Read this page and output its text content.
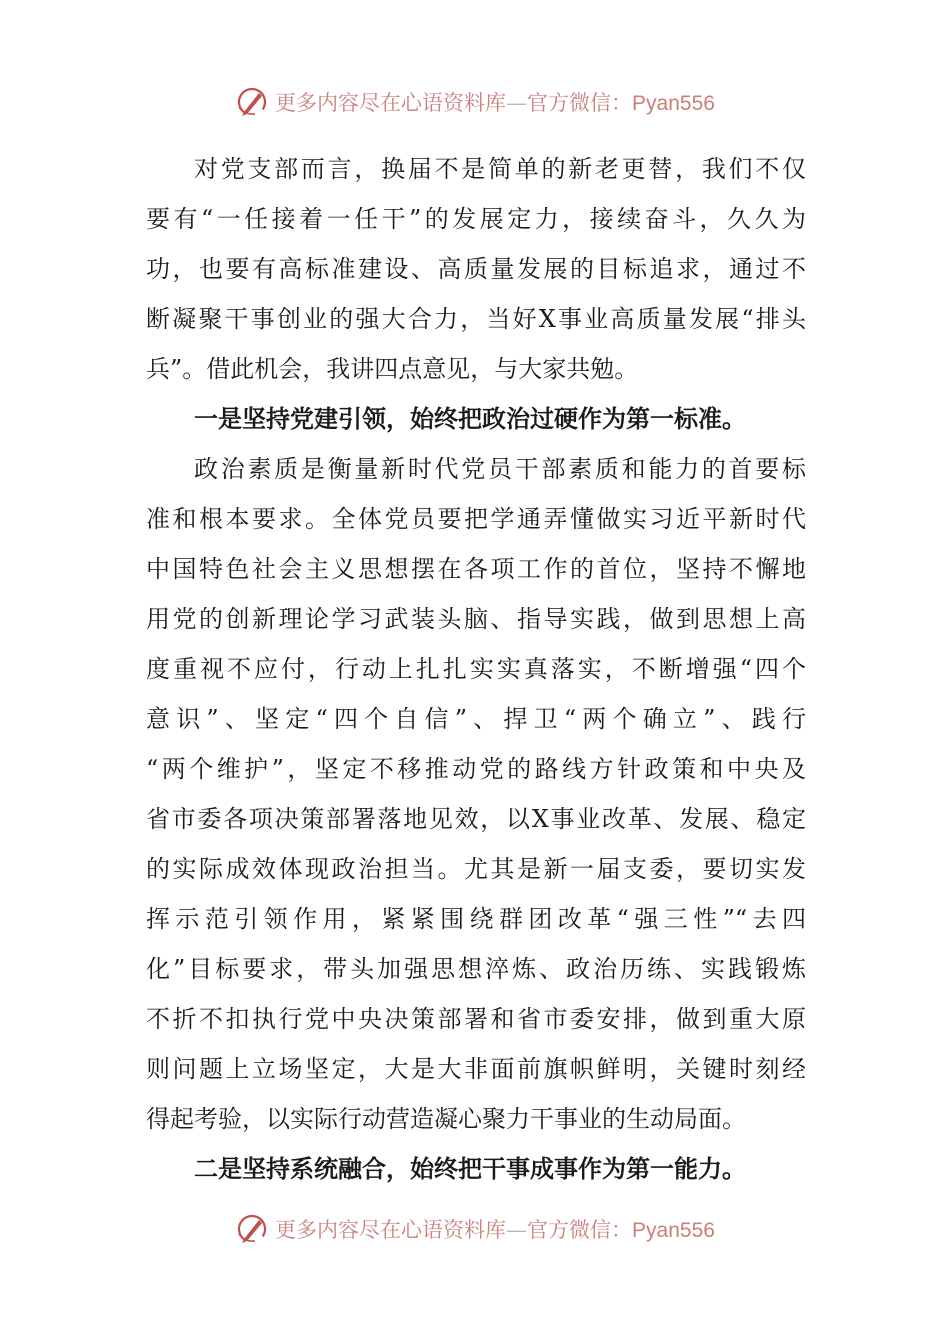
更多内容尽在心语资料库—官方微信：Pyan556
对党支部而言，换届不是简单的新老更替，我们不仅
要有“一任接着一任干”的发展定力，接续奋斗，久久为
功，也要有高标准建设、高质量发展的目标追求，通过不
断凝聚干事创业的强大合力，当好X事业高质量发展“排头
兵”。借此机会，我讲四点意见，与大家共勉。
一是坚持党建引领，始终把政治过硬作为第一标准。
政治素质是衡量新时代党员干部素质和能力的首要标
准和根本要求。全体党员要把学通弄懂做实习近平新时代
中国特色社会主义思想摆在各项工作的首位，坚持不懈地
用党的创新理论学习武装头脑、指导实践，做到思想上高
度重视不应付，行动上扎扎实实真落实，不断增强“四个
意识”、坚定“四个自信”、捍卫“两个确立”、践行
“两个维护”，坚定不移推动党的路线方针政策和中央及
省市委各项决策部署落地见效，以X事业改革、发展、稳定
的实际成效体现政治担当。尤其是新一届支委，要切实发
挥示范引领作用，紧紧围绕群团改革“强三性”“去四
化”目标要求，带头加强思想淬炼、政治历练、实践锻炼
不折不扣执行党中央决策部署和省市委安排，做到重大原
则问题上立场坚定，大是大非面前旗帜鲜明，关键时刻经
得起考验，以实际行动营造凝心聚力干事业的生动局面。
二是坚持系统融合，始终把干事成事作为第一能力。
更多内容尽在心语资料库—官方微信：Pyan556
